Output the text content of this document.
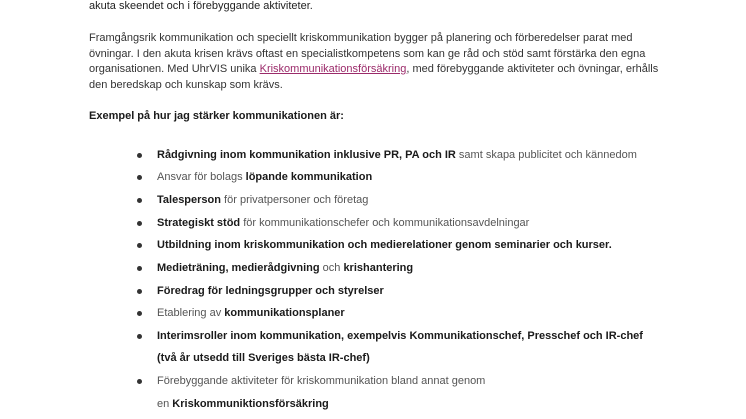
akuta skeendet och i förebyggande aktiviteter.

Framgångsrik kommunikation och speciellt kriskommunikation bygger på planering och förberedelser parat med övningar. I den akuta krisen krävs oftast en specialistkompetens som kan ge råd och stöd samt förstärka den egna organisationen. Med UhrVIS unika Kriskommunikationsförsäkring, med förebyggande aktiviteter och övningar, erhålls den beredskap och kunskap som krävs.

Exempel på hur jag stärker kommunikationen är:

Rådgivning inom kommunikation inklusive PR, PA och IR samt skapa publicitet och kännedom
Ansvar för bolags löpande kommunikation
Talesperson för privatpersoner och företag
Strategiskt stöd för kommunikationschefer och kommunikationsavdelningar
Utbildning inom kriskommunikation och medierelationer genom seminarier och kurser.
Medieträning, medierådgivning och krishantering
Föredrag för ledningsgrupper och styrelser
Etablering av kommunikationsplaner
Interimsroller inom kommunikation, exempelvis Kommunikationschef, Presschef och IR-chef
(två år utsedd till Sveriges bästa IR-chef)
Förebyggande aktiviteter för kriskommunikation bland annat genom
en Kriskommuniktionsförsäkring
